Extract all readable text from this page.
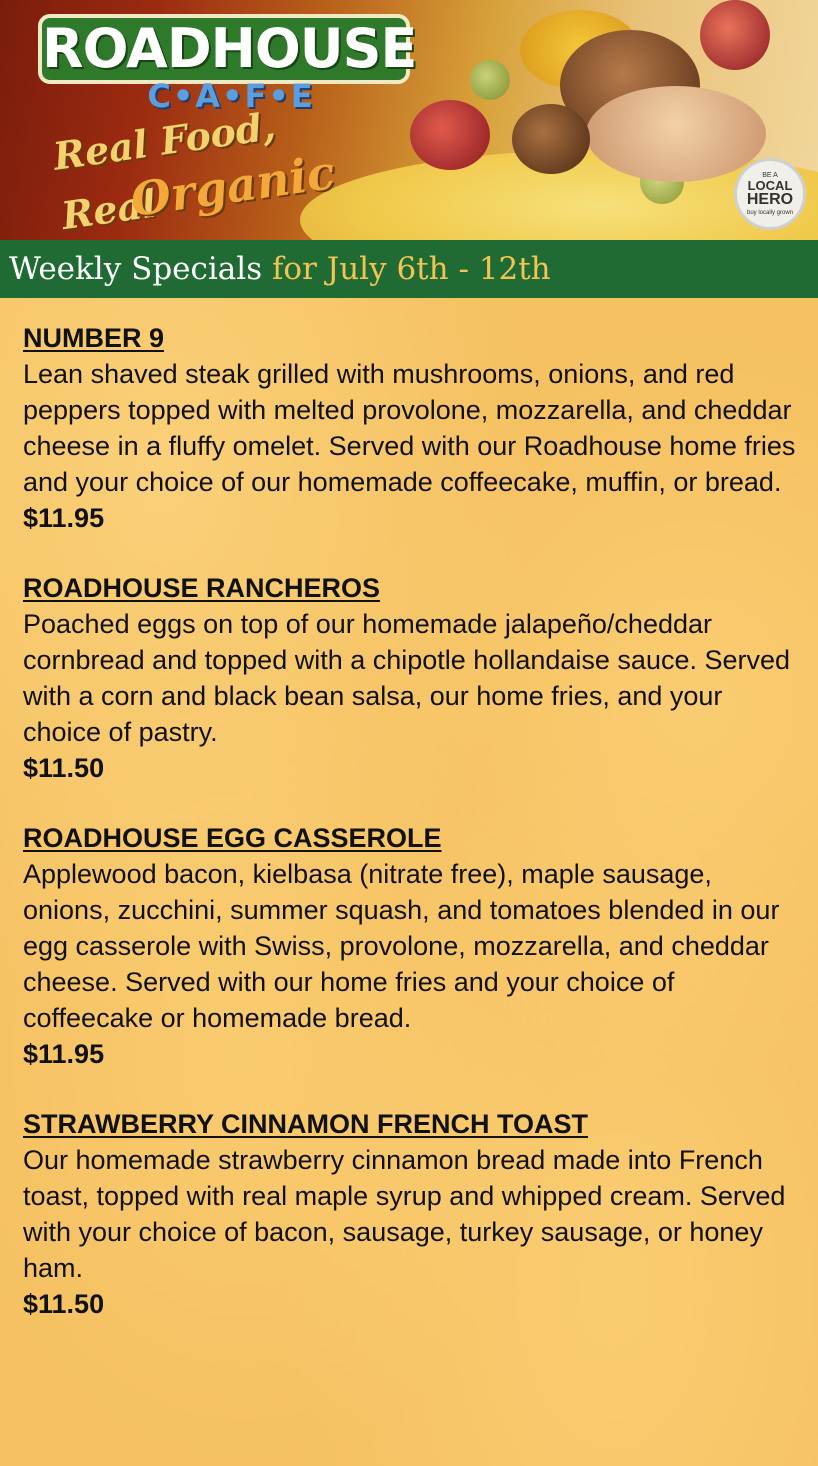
ROADHOUSE
C•A•F•E
Real Food, Real
Organic	BE A
LOCAL
HERO
buy locally grown
Weekly Specials for July 6th - 12th
NUMBER 9
Lean shaved steak grilled with mushrooms, onions, and red peppers topped with melted provolone, mozzarella, and cheddar cheese in a fluffy omelet. Served with our Roadhouse home fries and your choice of our homemade coffeecake, muffin, or bread.
$11.95
ROADHOUSE RANCHEROS
Poached eggs on top of our homemade jalapeño/cheddar cornbread and topped with a chipotle hollandaise sauce. Served with a corn and black bean salsa, our home fries, and your choice of pastry.
$11.50
ROADHOUSE EGG CASSEROLE
Applewood bacon, kielbasa (nitrate free), maple sausage, onions, zucchini, summer squash, and tomatoes blended in our egg casserole with Swiss, provolone, mozzarella, and cheddar cheese. Served with our home fries and your choice of coffeecake or homemade bread.
$11.95
STRAWBERRY CINNAMON FRENCH TOAST
Our homemade strawberry cinnamon bread made into French toast, topped with real maple syrup and whipped cream. Served with your choice of bacon, sausage, turkey sausage, or honey ham.
$11.50
